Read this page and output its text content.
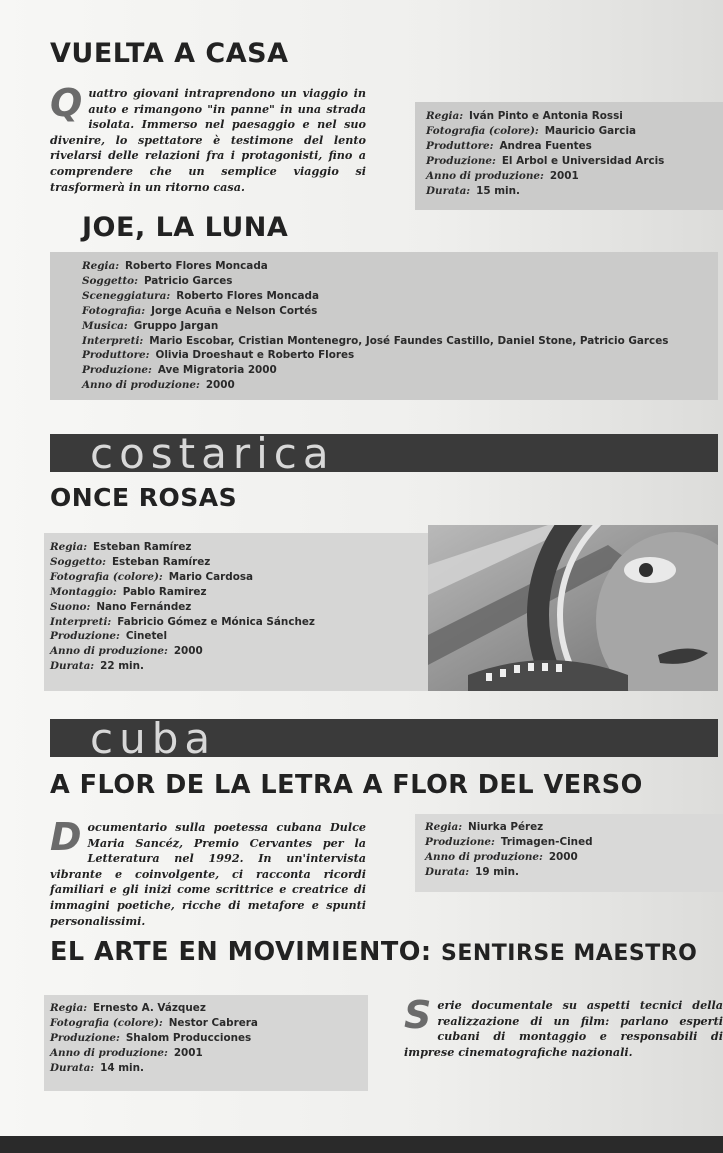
VUELTA A CASA
Quattro giovani intraprendono un viaggio in auto e rimangono "in panne" in una strada isolata. Immerso nel paesaggio e nel suo divenire, lo spettatore è testimone del lento rivelarsi delle relazioni fra i protagonisti, fino a comprendere che un semplice viaggio si trasformerà in un ritorno casa.
Regia: Iván Pinto e Antonia Rossi
Fotografia (colore): Mauricio Garcia
Produttore: Andrea Fuentes
Produzione: El Arbol e Universidad Arcis
Anno di produzione: 2001
Durata: 15 min.
JOE, LA LUNA
Regia: Roberto Flores Moncada
Soggetto: Patricio Garces
Sceneggiatura: Roberto Flores Moncada
Fotografia: Jorge Acuña e Nelson Cortés
Musica: Gruppo Jargan
Interpreti: Mario Escobar, Cristian Montenegro, José Faundes Castillo, Daniel Stone, Patricio Garces
Produttore: Olivia Droeshaut e Roberto Flores
Produzione: Ave Migratoria 2000
Anno di produzione: 2000
costarica
ONCE ROSAS
Regia: Esteban Ramírez
Soggetto: Esteban Ramírez
Fotografia (colore): Mario Cardosa
Montaggio: Pablo Ramirez
Suono: Nano Fernández
Interpreti: Fabricio Gómez e Mónica Sánchez
Produzione: Cinetel
Anno di produzione: 2000
Durata: 22 min.
cuba
A FLOR DE LA LETRA A FLOR DEL VERSO
Documentario sulla poetessa cubana Dulce Maria Sancéz, Premio Cervantes per la Letteratura nel 1992. In un'intervista vibrante e coinvolgente, ci racconta ricordi familiari e gli inizi come scrittrice e creatrice di immagini poetiche, ricche di metafore e spunti personalissimi.
Regia: Niurka Pérez
Produzione: Trimagen-Cined
Anno di produzione: 2000
Durata: 19 min.
EL ARTE EN MOVIMIENTO: SENTIRSE MAESTRO
Regia: Ernesto A. Vázquez
Fotografia (colore): Nestor Cabrera
Produzione: Shalom Producciones
Anno di produzione: 2001
Durata: 14 min.
Serie documentale su aspetti tecnici della realizzazione di un film: parlano esperti cubani di montaggio e responsabili di imprese cinematografiche nazionali.
